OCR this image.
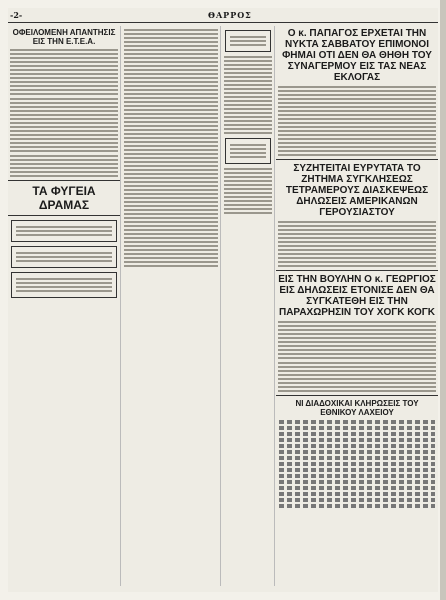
-2-	ΘΑΡΡΟΣ
ΟΦΕΙΛΟΜΕΝΗ ΑΠΑΝΤΗΣΙΣ ΕΙΣ ΤΗΝ Ε.Τ.Ε.Α.
ΤΑ ΦΥΓΕΙΑ ΔΡΑΜΑΣ
Ο κ. ΠΑΠΑΓΟΣ ΕΡΧΕΤΑΙ ΤΗΝ ΝΥΚΤΑ ΣΑΒΒΑΤΟΥ ΕΠΙΜΟΝΟΙ ΦΗΜΑΙ ΟΤΙ ΔΕΝ ΘΑ ΘΗΘΗ ΤΟΥ ΣΥΝΑΓΕΡΜΟΥ ΕΙΣ ΤΑΣ ΝΕΑΣ ΕΚΛΟΓΑΣ
ΣΥΖΗΤΕΙΤΑΙ ΕΥΡΥΤΑΤΑ ΤΟ ΖΗΤΗΜΑ ΣΥΓΚΛΗΣΕΩΣ ΤΕΤΡΑΜΕΡΟΥΣ ΔΙΑΣΚΕΨΕΩΣ ΔΗΛΩΣΕΙΣ ΑΜΕΡΙΚΑΝΩΝ ΓΕΡΟΥΣΙΑΣΤΟΥ
ΕΙΣ ΤΗΝ ΒΟΥΛΗΝ Ο κ. ΓΕΩΡΓΙΟΣ ΕΙΣ ΔΗΛΩΣΕΙΣ ΕΤΟΝΙΣΕ ΔΕΝ ΘΑ ΣΥΓΚΑΤΕΘΗ ΕΙΣ ΤΗΝ ΠΑΡΑΧΩΡΗΣΙΝ ΤΟΥ ΧΟΓΚ ΚΟΓΚ
ΝΙ ΔΙΑΔΟΧΙΚΑΙ ΚΛΗΡΩΣΕΙΣ ΤΟΥ ΕΘΝΙΚΟΥ ΛΑΧΕΙΟΥ
